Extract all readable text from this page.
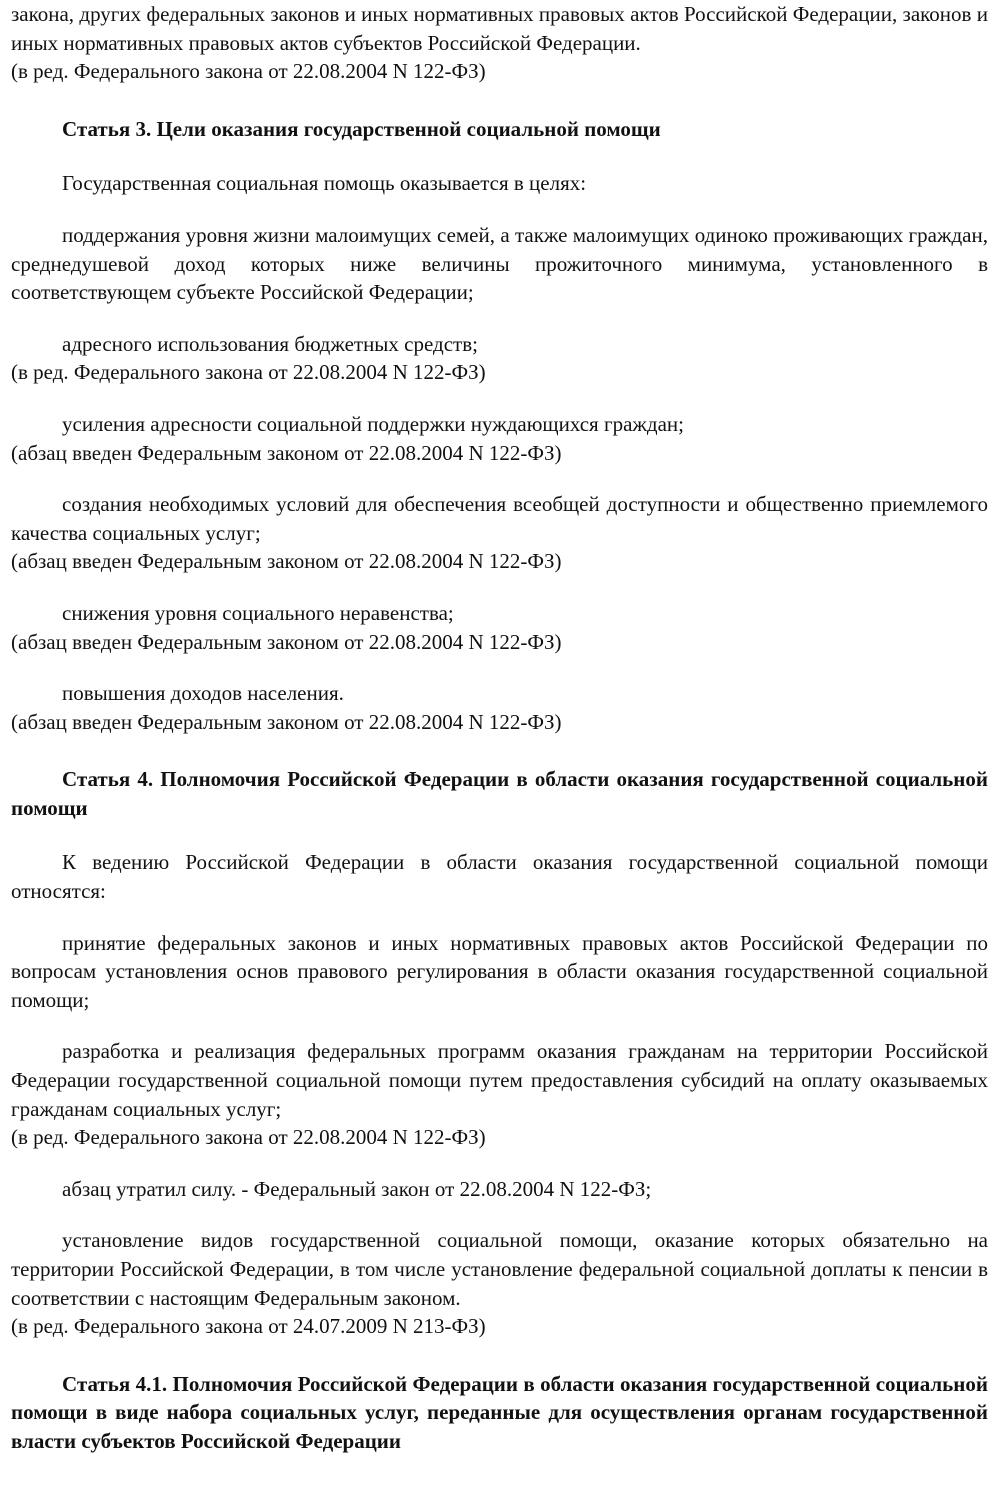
закона, других федеральных законов и иных нормативных правовых актов Российской Федерации, законов и иных нормативных правовых актов субъектов Российской Федерации.

(в ред. Федерального закона от 22.08.2004 N 122-ФЗ)

Статья 3. Цели оказания государственной социальной помощи

Государственная социальная помощь оказывается в целях:

поддержания уровня жизни малоимущих семей, а также малоимущих одиноко проживающих граждан, среднедушевой доход которых ниже величины прожиточного минимума, установленного в соответствующем субъекте Российской Федерации;

адресного использования бюджетных средств;

(в ред. Федерального закона от 22.08.2004 N 122-ФЗ)

усиления адресности социальной поддержки нуждающихся граждан;

(абзац введен Федеральным законом от 22.08.2004 N 122-ФЗ)

создания необходимых условий для обеспечения всеобщей доступности и общественно приемлемого качества социальных услуг;

(абзац введен Федеральным законом от 22.08.2004 N 122-ФЗ)

снижения уровня социального неравенства;

(абзац введен Федеральным законом от 22.08.2004 N 122-ФЗ)

повышения доходов населения.

(абзац введен Федеральным законом от 22.08.2004 N 122-ФЗ)

Статья 4. Полномочия Российской Федерации в области оказания государственной социальной помощи

К ведению Российской Федерации в области оказания государственной социальной помощи относятся:

принятие федеральных законов и иных нормативных правовых актов Российской Федерации по вопросам установления основ правового регулирования в области оказания государственной социальной помощи;

разработка и реализация федеральных программ оказания гражданам на территории Российской Федерации государственной социальной помощи путем предоставления субсидий на оплату оказываемых гражданам социальных услуг;

(в ред. Федерального закона от 22.08.2004 N 122-ФЗ)

абзац утратил силу. - Федеральный закон от 22.08.2004 N 122-ФЗ;

установление видов государственной социальной помощи, оказание которых обязательно на территории Российской Федерации, в том числе установление федеральной социальной доплаты к пенсии в соответствии с настоящим Федеральным законом.

(в ред. Федерального закона от 24.07.2009 N 213-ФЗ)

Статья 4.1. Полномочия Российской Федерации в области оказания государственной социальной помощи в виде набора социальных услуг, переданные для осуществления органам государственной власти субъектов Российской Федерации
